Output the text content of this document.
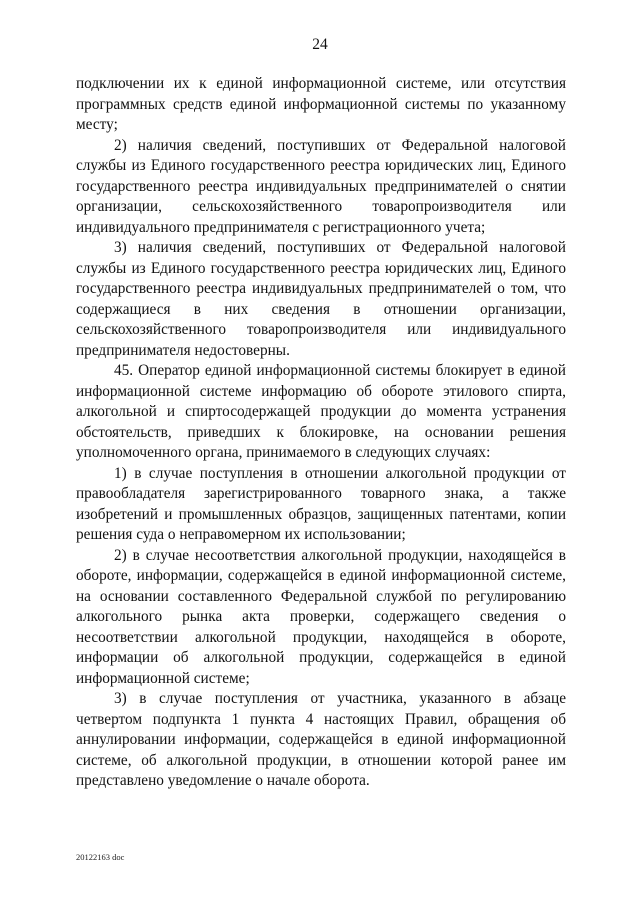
24

подключении их к единой информационной системе, или отсутствия программных средств единой информационной системы по указанному месту;

2) наличия сведений, поступивших от Федеральной налоговой службы из Единого государственного реестра юридических лиц, Единого государственного реестра индивидуальных предпринимателей о снятии организации, сельскохозяйственного товаропроизводителя или индивидуального предпринимателя с регистрационного учета;

3) наличия сведений, поступивших от Федеральной налоговой службы из Единого государственного реестра юридических лиц, Единого государственного реестра индивидуальных предпринимателей о том, что содержащиеся в них сведения в отношении организации, сельскохозяйственного товаропроизводителя или индивидуального предпринимателя недостоверны.

45. Оператор единой информационной системы блокирует в единой информационной системе информацию об обороте этилового спирта, алкогольной и спиртосодержащей продукции до момента устранения обстоятельств, приведших к блокировке, на основании решения уполномоченного органа, принимаемого в следующих случаях:

1) в случае поступления в отношении алкогольной продукции от правообладателя зарегистрированного товарного знака, а также изобретений и промышленных образцов, защищенных патентами, копии решения суда о неправомерном их использовании;

2) в случае несоответствия алкогольной продукции, находящейся в обороте, информации, содержащейся в единой информационной системе, на основании составленного Федеральной службой по регулированию алкогольного рынка акта проверки, содержащего сведения о несоответствии алкогольной продукции, находящейся в обороте, информации об алкогольной продукции, содержащейся в единой информационной системе;

3) в случае поступления от участника, указанного в абзаце четвертом подпункта 1 пункта 4 настоящих Правил, обращения об аннулировании информации, содержащейся в единой информационной системе, об алкогольной продукции, в отношении которой ранее им представлено уведомление о начале оборота.

20122163 doc
